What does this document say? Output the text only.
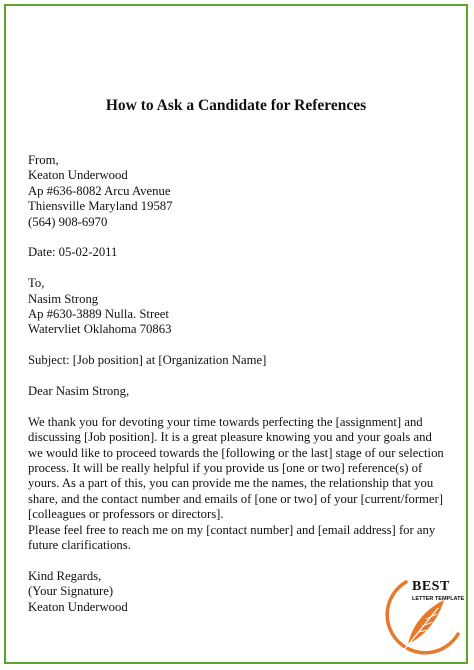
How to Ask a Candidate for References
From,
Keaton Underwood
Ap #636-8082 Arcu Avenue
Thiensville Maryland 19587
(564) 908-6970
Date: 05-02-2011
To,
Nasim Strong
Ap #630-3889 Nulla. Street
Watervliet Oklahoma 70863
Subject: [Job position] at [Organization Name]
Dear Nasim Strong,
We thank you for devoting your time towards perfecting the [assignment] and
discussing [Job position]. It is a great pleasure knowing you and your goals and
we would like to proceed towards the [following or the last] stage of our selection
process. It will be really helpful if you provide us [one or two] reference(s) of
yours. As a part of this, you can provide me the names, the relationship that you
share, and the contact number and emails of [one or two] of your [current/former]
[colleagues or professors or directors].
Please feel free to reach me on my [contact number] and [email address] for any
future clarifications.
Kind Regards,
(Your Signature)
Keaton Underwood
BEST
LETTER TEMPLATE
